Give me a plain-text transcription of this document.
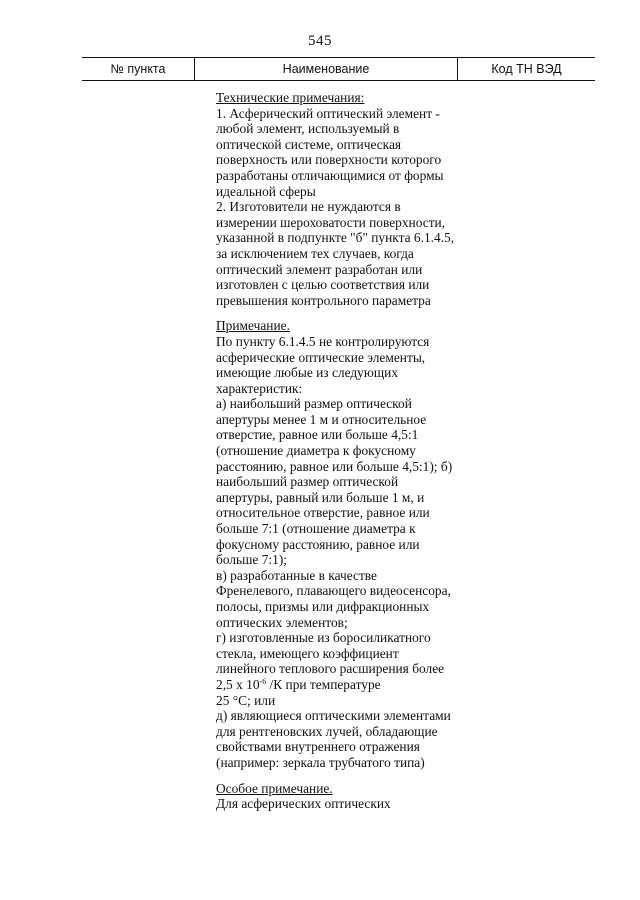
545
№ пункта	Наименование	Код ТН ВЭД
Технические примечания:
1. Асферический оптический элемент -
любой элемент, используемый в
оптической системе, оптическая
поверхность или поверхности которого
разработаны отличающимися от формы
идеальной сферы
2. Изготовители не нуждаются в
измерении шероховатости поверхности,
указанной в подпункте "б" пункта 6.1.4.5,
за исключением тех случаев, когда
оптический элемент разработан или
изготовлен с целью соответствия или
превышения контрольного параметра
Примечание.
По пункту 6.1.4.5 не контролируются
асферические оптические элементы,
имеющие любые из следующих
характеристик:
а) наибольший размер оптической
апертуры менее 1 м и относительное
отверстие, равное или больше 4,5:1
(отношение диаметра к фокусному
расстоянию, равное или больше 4,5:1); б)
наибольший размер оптической
апертуры, равный или больше 1 м, и
относительное отверстие, равное или
больше 7:1 (отношение диаметра к
фокусному расстоянию, равное или
больше 7:1);
в) разработанные в качестве
Френелевого, плавающего видеосенсора,
полосы, призмы или дифракционных
оптических элементов;
г) изготовленные из боросиликатного
стекла, имеющего коэффициент
линейного теплового расширения более
2,5 х $10^{-6}$ /К при температуре
25 °С; или
д) являющиеся оптическими элементами
для рентгеновских лучей, обладающие
свойствами внутреннего отражения
(например: зеркала трубчатого типа)
Особое примечание.
Для асферических оптических
